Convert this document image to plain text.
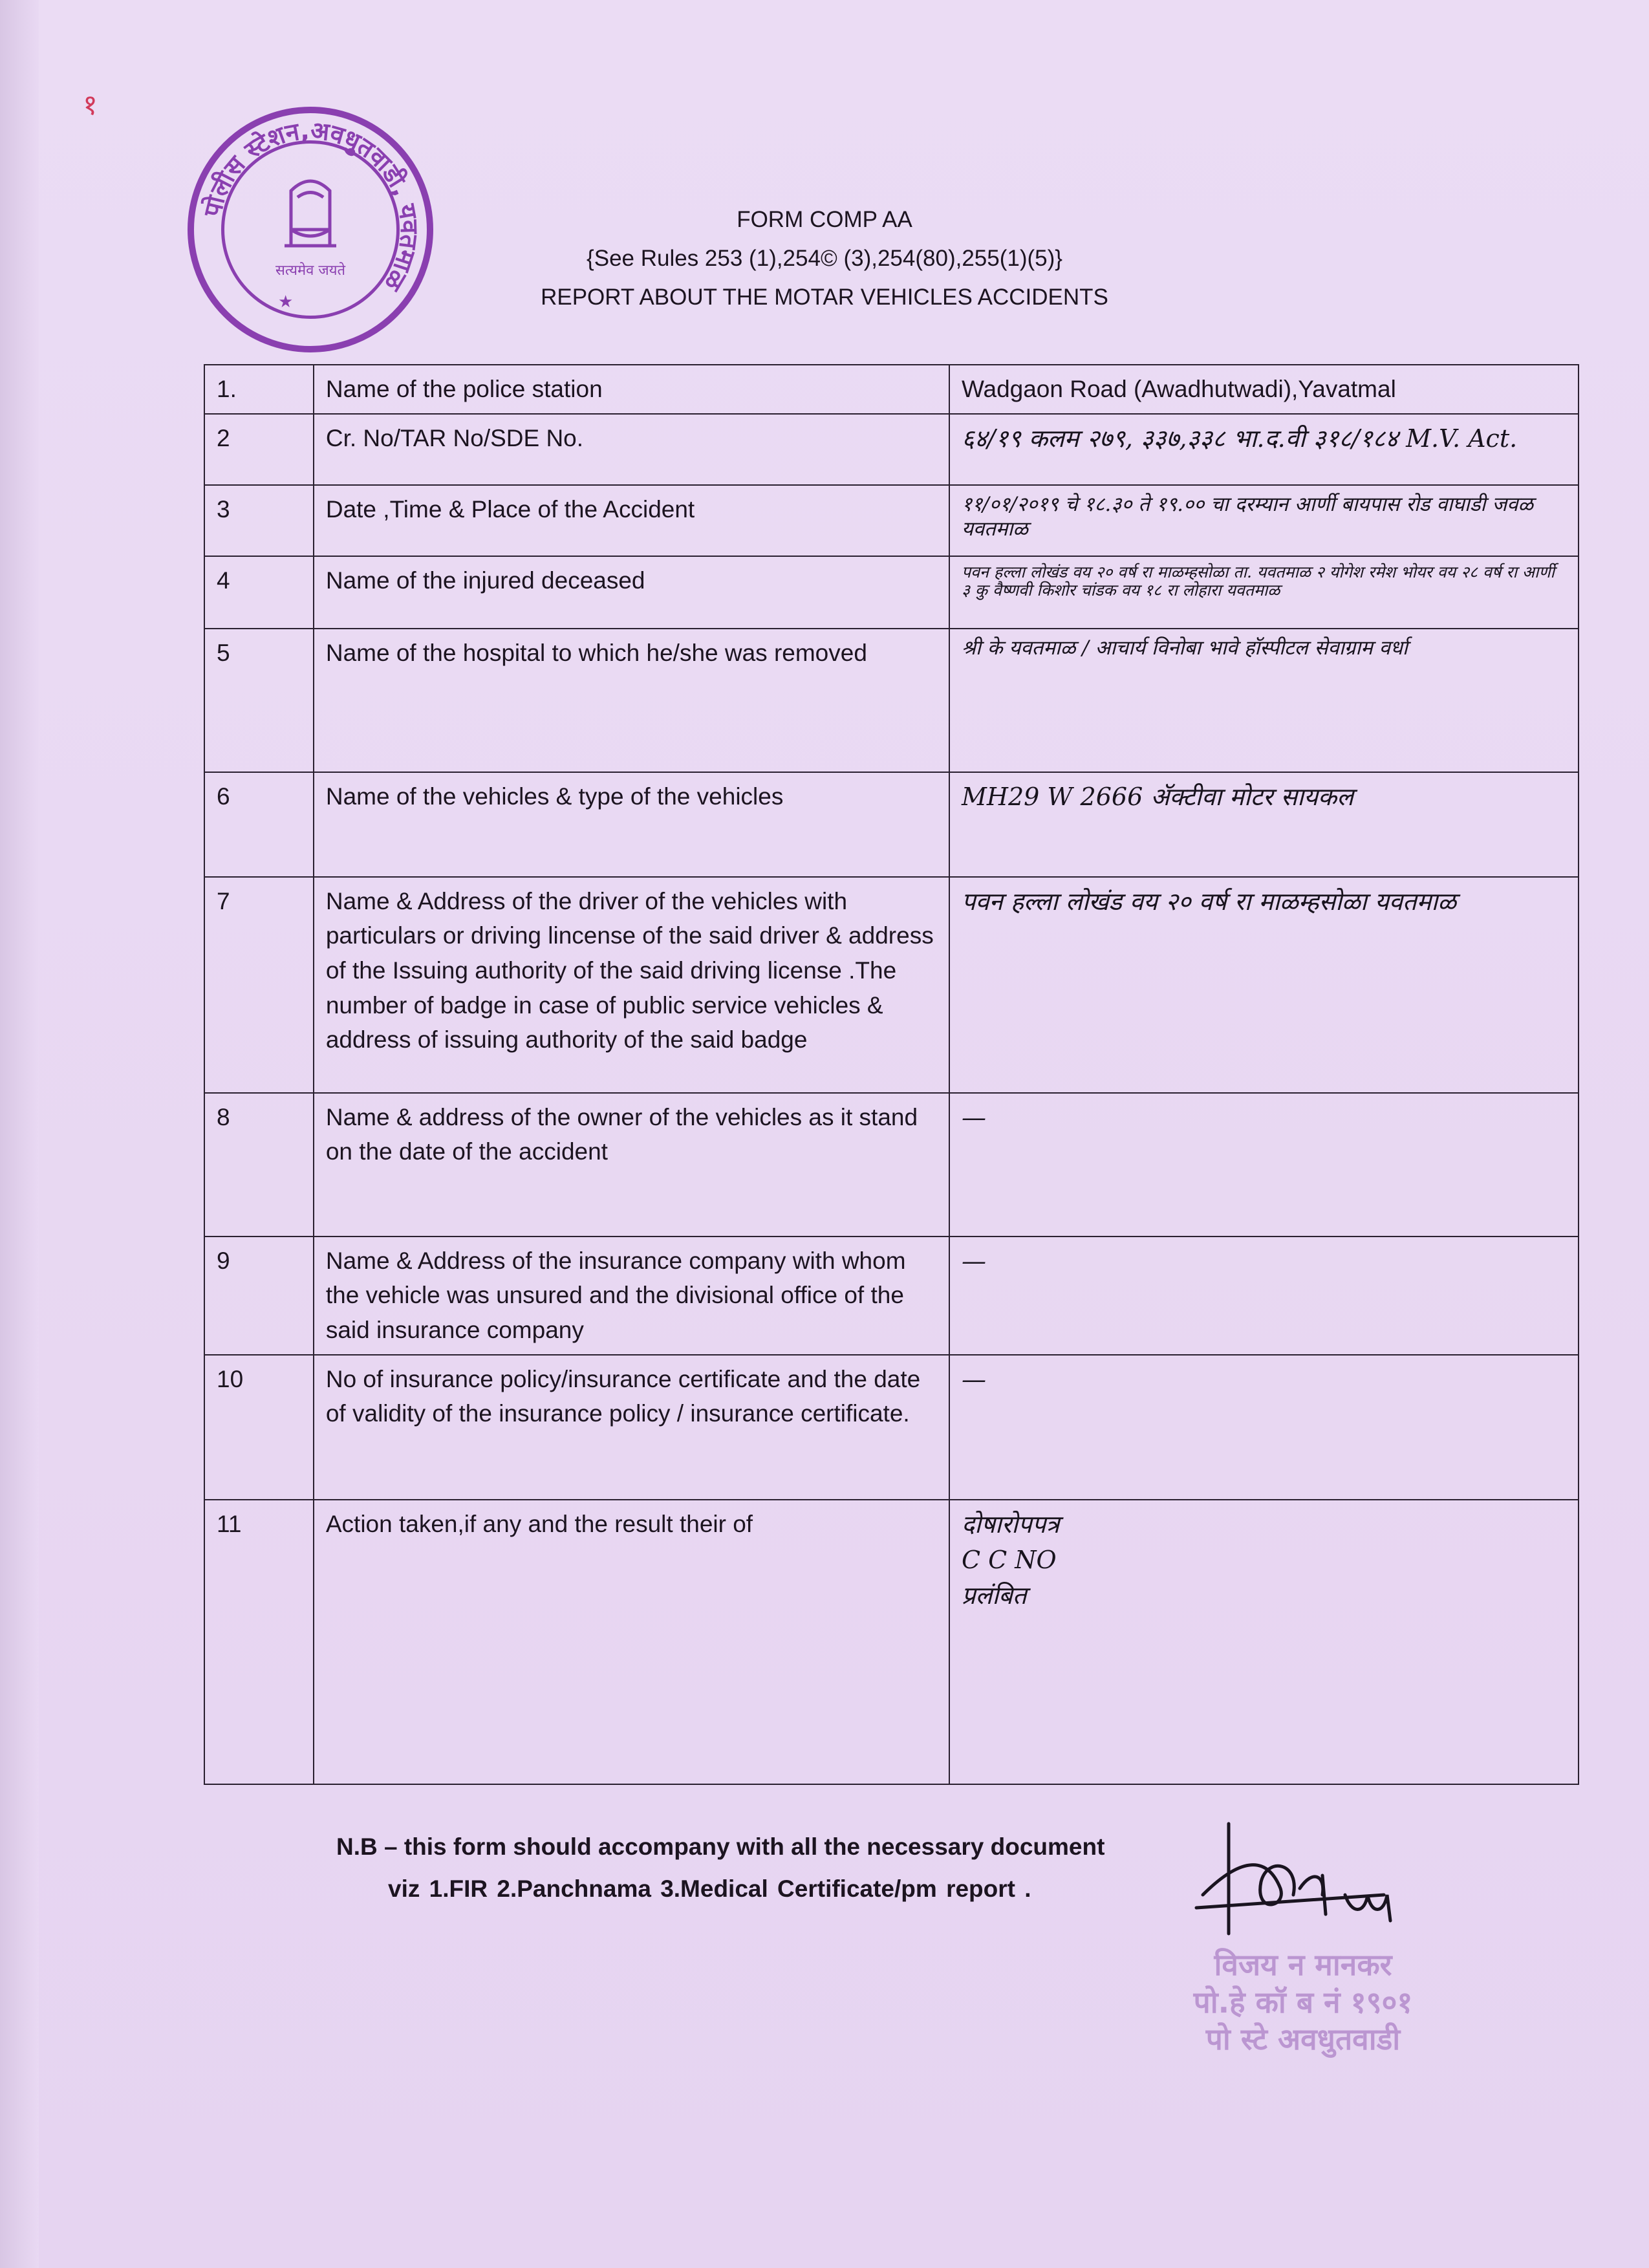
१
पोलीस स्टेशन,अवधुतवाडी, यवतमाळ
सत्यमेव जयते
★
FORM COMP AA
{See Rules 253 (1),254© (3),254(80),255(1)(5)}
REPORT ABOUT THE MOTAR VEHICLES ACCIDENTS
1.	Name of the police station	Wadgaon Road (Awadhutwadi),Yavatmal
2	Cr. No/TAR No/SDE No.	६४/१९ कलम २७९, ३३७,३३८ भा.द.वी ३१८/१८४ M.V. Act.
3	Date ,Time & Place of the Accident	११/०१/२०१९ चे १८.३० ते १९.०० चा दरम्यान आर्णी बायपास रोड वाघाडी जवळ यवतमाळ
4	Name of the injured deceased	पवन हल्ला लोखंड वय २० वर्ष रा माळम्हसोळा ता. यवतमाळ २ योगेश रमेश भोयर वय २८ वर्ष रा आर्णी ३ कु वैष्णवी किशोर चांडक वय १८ रा लोहारा यवतमाळ
5	Name of the hospital to which he/she was removed	श्री के यवतमाळ / आचार्य विनोबा भावे हॉस्पीटल सेवाग्राम वर्धा
6	Name of the vehicles & type of the vehicles	MH29 W 2666 ॲक्टीवा मोटर सायकल
7	Name & Address of the driver of the vehicles with particulars or driving lincense of the said driver & address of the Issuing authority of the said driving license .The number of badge in case of public service vehicles & address of issuing authority of the said badge	पवन हल्ला लोखंड वय २० वर्ष रा माळम्हसोळा यवतमाळ
8	Name & address of the owner of the vehicles as it stand on the date of the accident	—
9	Name & Address of the insurance company with whom the vehicle was unsured and the divisional office of the said insurance company	—
10	No of insurance policy/insurance certificate and the date of validity of the insurance policy / insurance certificate.	—
11	Action taken,if any and the result their of	दोषारोपपत्र
C C NO
प्रलंबित
N.B – this form should accompany with all the necessary document
viz 1.FIR 2.Panchnama 3.Medical Certificate/pm report .
विजय न मानकर
पो.हे कॉ ब नं १९०१
पो स्टे अवधुतवाडी
